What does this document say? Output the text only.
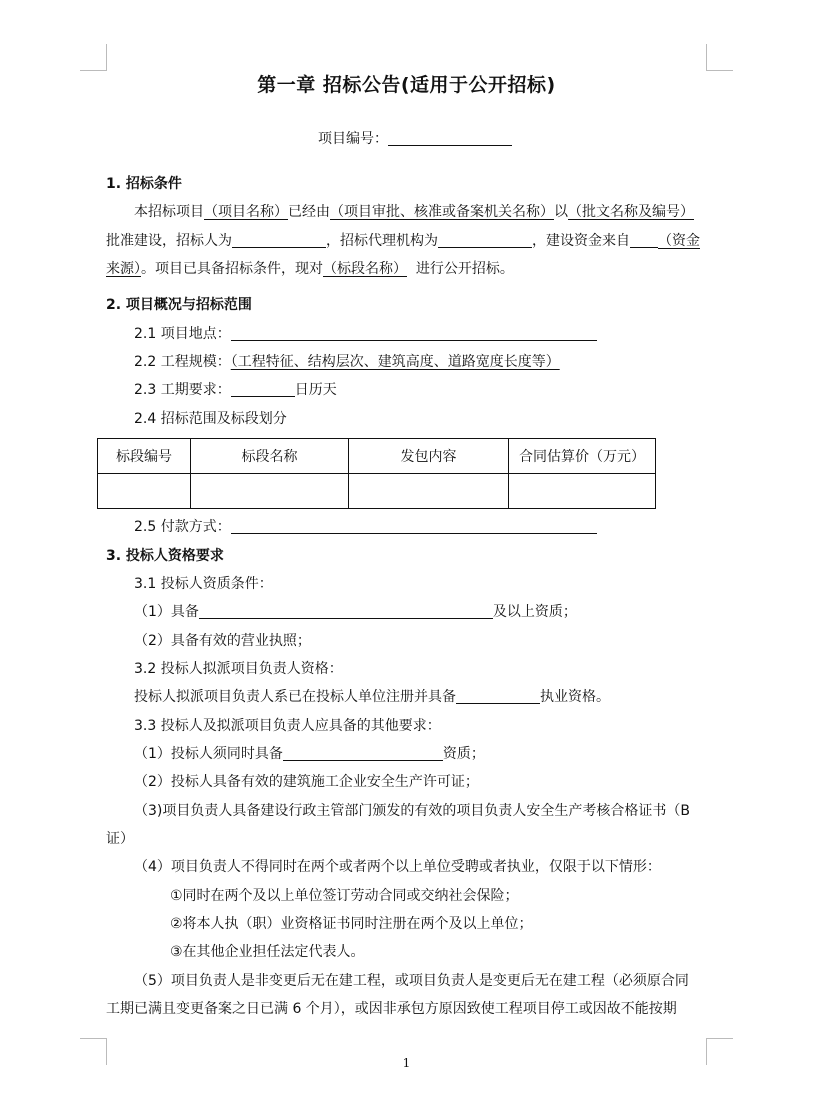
第一章 招标公告(适用于公开招标)
项目编号：
1. 招标条件
本招标项目（项目名称）已经由（项目审批、核准或备案机关名称）以（批文名称及编号）
批准建设，招标人为	，招标代理机构为	，建设资金来自 （资金
来源）。项目已具备招标条件，现对（标段名称） 进行公开招标。
2. 项目概况与招标范围
2.1 项目地点：
2.2 工程规模：（工程特征、结构层次、建筑高度、道路宽度长度等）
2.3 工期要求：	日历天
2.4 招标范围及标段划分
标段编号	标段名称	发包内容	合同估算价（万元）

2.5 付款方式：
3. 投标人资格要求
3.1 投标人资质条件：
（1）具备	及以上资质；
（2）具备有效的营业执照；
3.2 投标人拟派项目负责人资格：
投标人拟派项目负责人系已在投标人单位注册并具备	执业资格。
3.3 投标人及拟派项目负责人应具备的其他要求：
（1）投标人须同时具备	资质；
（2）投标人具备有效的建筑施工企业安全生产许可证；
（3)项目负责人具备建设行政主管部门颁发的有效的项目负责人安全生产考核合格证书（B
证）
（4）项目负责人不得同时在两个或者两个以上单位受聘或者执业，仅限于以下情形：
①同时在两个及以上单位签订劳动合同或交纳社会保险；
②将本人执（职）业资格证书同时注册在两个及以上单位；
③在其他企业担任法定代表人。
（5）项目负责人是非变更后无在建工程，或项目负责人是变更后无在建工程（必须原合同
工期已满且变更备案之日已满 6 个月），或因非承包方原因致使工程项目停工或因故不能按期
1
